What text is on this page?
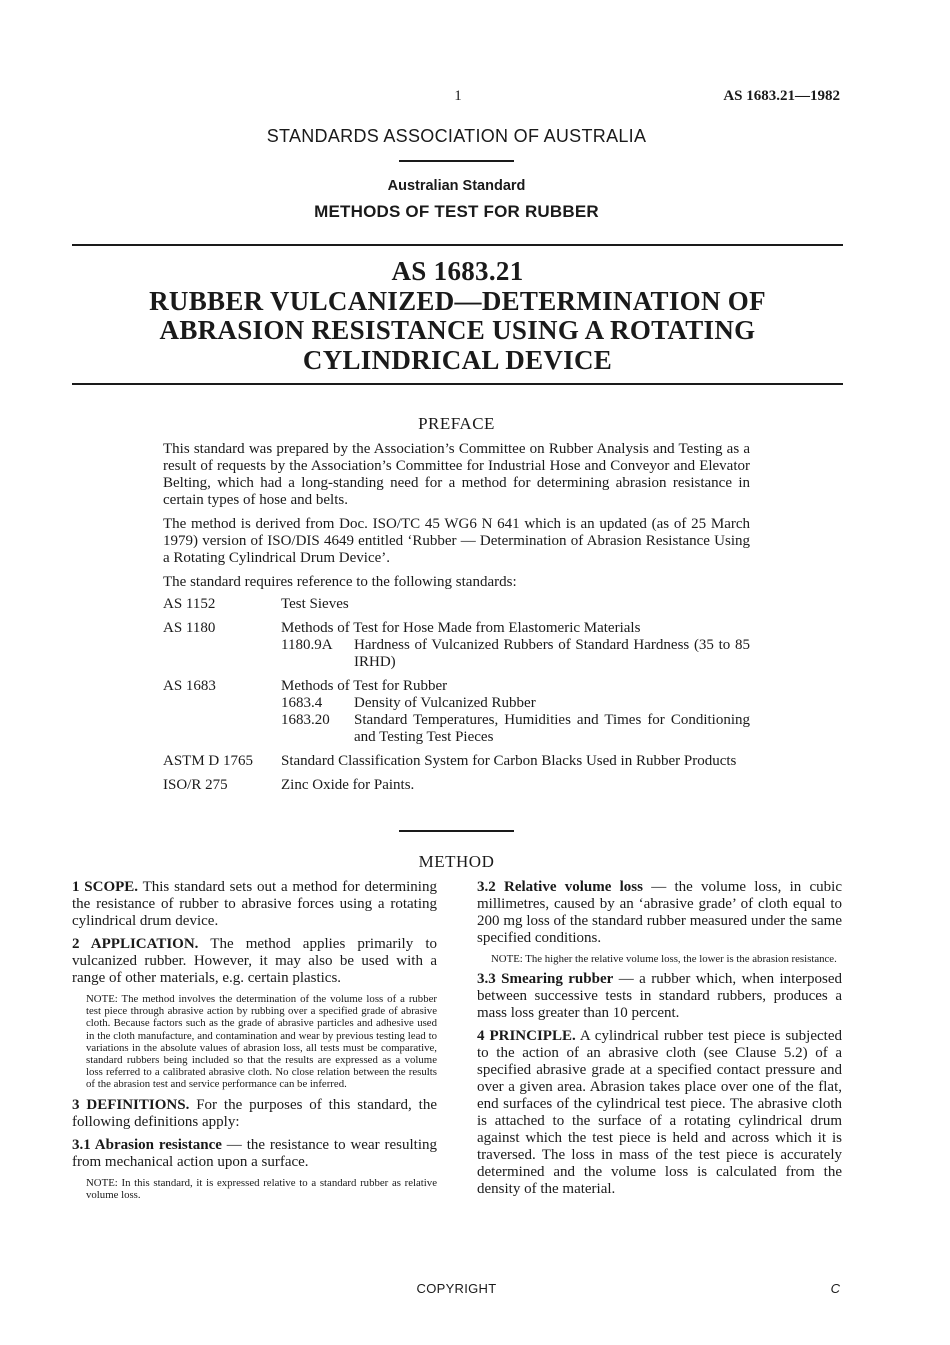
1	AS 1683.21—1982
STANDARDS ASSOCIATION OF AUSTRALIA
Australian Standard
METHODS OF TEST FOR RUBBER
AS 1683.21
RUBBER VULCANIZED—DETERMINATION OF
ABRASION RESISTANCE USING A ROTATING
CYLINDRICAL DEVICE
PREFACE

This standard was prepared by the Association’s Committee on Rubber Analysis and Testing as a result of requests by the Association’s Committee for Industrial Hose and Conveyor and Elevator Belting, which had a long-standing need for a method for determining abrasion resistance in certain types of hose and belts.

The method is derived from Doc. ISO/TC 45 WG6 N 641 which is an updated (as of 25 March 1979) version of ISO/DIS 4649 entitled ‘Rubber — Determination of Abrasion Resistance Using a Rotating Cylindrical Drum Device’.

The standard requires reference to the following standards:

AS 1152	Test Sieves
AS 1180	Methods of Test for Hose Made from Elastomeric Materials
1180.9A	Hardness of Vulcanized Rubbers of Standard Hardness (35 to 85 IRHD)
AS 1683	Methods of Test for Rubber
1683.4	Density of Vulcanized Rubber
1683.20	Standard Temperatures, Humidities and Times for Conditioning and Testing Test Pieces
ASTM D 1765	Standard Classification System for Carbon Blacks Used in Rubber Products
ISO/R 275	Zinc Oxide for Paints.
METHOD

1 SCOPE. This standard sets out a method for determining the resistance of rubber to abrasive forces using a rotating cylindrical drum device.

2 APPLICATION. The method applies primarily to vulcanized rubber. However, it may also be used with a range of other materials, e.g. certain plastics.

NOTE: The method involves the determination of the volume loss of a rubber test piece through abrasive action by rubbing over a specified grade of abrasive cloth. Because factors such as the grade of abrasive particles and adhesive used in the cloth manufacture, and contamination and wear by previous testing lead to variations in the absolute values of abrasion loss, all tests must be comparative, standard rubbers being included so that the results are expressed as a volume loss referred to a calibrated abrasive cloth. No close relation between the results of the abrasion test and service performance can be inferred.

3 DEFINITIONS. For the purposes of this standard, the following definitions apply:

3.1 Abrasion resistance — the resistance to wear resulting from mechanical action upon a surface.

NOTE: In this standard, it is expressed relative to a standard rubber as relative volume loss.

3.2 Relative volume loss — the volume loss, in cubic millimetres, caused by an ‘abrasive grade’ of cloth equal to 200 mg loss of the standard rubber measured under the same specified conditions.

NOTE: The higher the relative volume loss, the lower is the abrasion resistance.

3.3 Smearing rubber — a rubber which, when interposed between successive tests in standard rubbers, produces a mass loss greater than 10 percent.

4 PRINCIPLE. A cylindrical rubber test piece is subjected to the action of an abrasive cloth (see Clause 5.2) of a specified abrasive grade at a specified contact pressure and over a given area. Abrasion takes place over one of the flat, end surfaces of the cylindrical test piece. The abrasive cloth is attached to the surface of a rotating cylindrical drum against which the test piece is held and across which it is traversed. The loss in mass of the test piece is accurately determined and the volume loss is calculated from the density of the material.

COPYRIGHT	C
